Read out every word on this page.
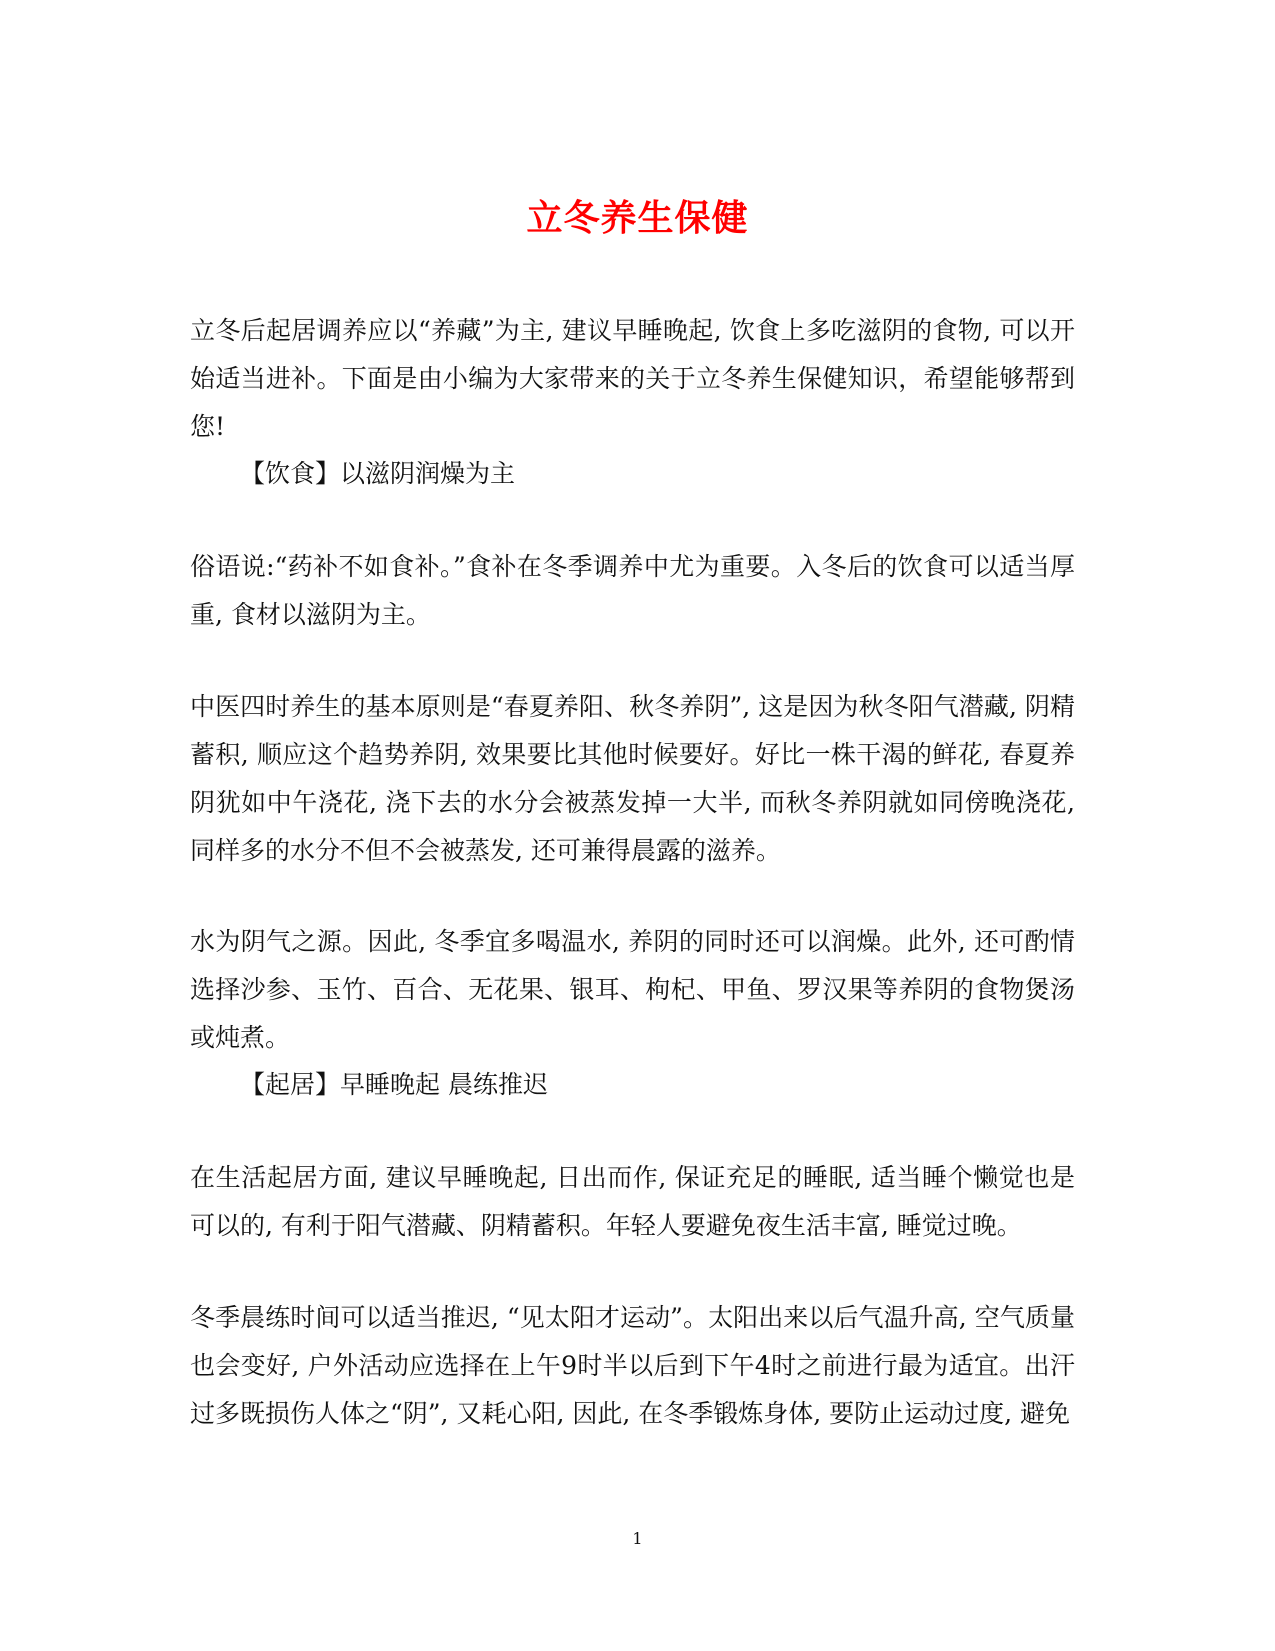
立冬养生保健

立冬后起居调养应以“养藏”为主, 建议早睡晚起, 饮食上多吃滋阴的食物, 可以开始适当进补。下面是由小编为大家带来的关于立冬养生保健知识，希望能够帮到您!

【饮食】以滋阴润燥为主

俗语说:“药补不如食补。”食补在冬季调养中尤为重要。入冬后的饮食可以适当厚重, 食材以滋阴为主。

中医四时养生的基本原则是“春夏养阳、秋冬养阴”, 这是因为秋冬阳气潜藏, 阴精蓄积, 顺应这个趋势养阴, 效果要比其他时候要好。好比一株干渴的鲜花, 春夏养阴犹如中午浇花, 浇下去的水分会被蒸发掉一大半, 而秋冬养阴就如同傍晚浇花, 同样多的水分不但不会被蒸发, 还可兼得晨露的滋养。

水为阴气之源。因此, 冬季宜多喝温水, 养阴的同时还可以润燥。此外, 还可酌情选择沙参、玉竹、百合、无花果、银耳、枸杞、甲鱼、罗汉果等养阴的食物煲汤或炖煮。

【起居】早睡晚起 晨练推迟

在生活起居方面, 建议早睡晚起, 日出而作, 保证充足的睡眠, 适当睡个懒觉也是可以的, 有利于阳气潜藏、阴精蓄积。年轻人要避免夜生活丰富, 睡觉过晚。

冬季晨练时间可以适当推迟, “见太阳才运动”。太阳出来以后气温升高, 空气质量也会变好, 户外活动应选择在上午9时半以后到下午4时之前进行最为适宜。出汗过多既损伤人体之“阴”, 又耗心阳, 因此, 在冬季锻炼身体, 要防止运动过度, 避免

1
